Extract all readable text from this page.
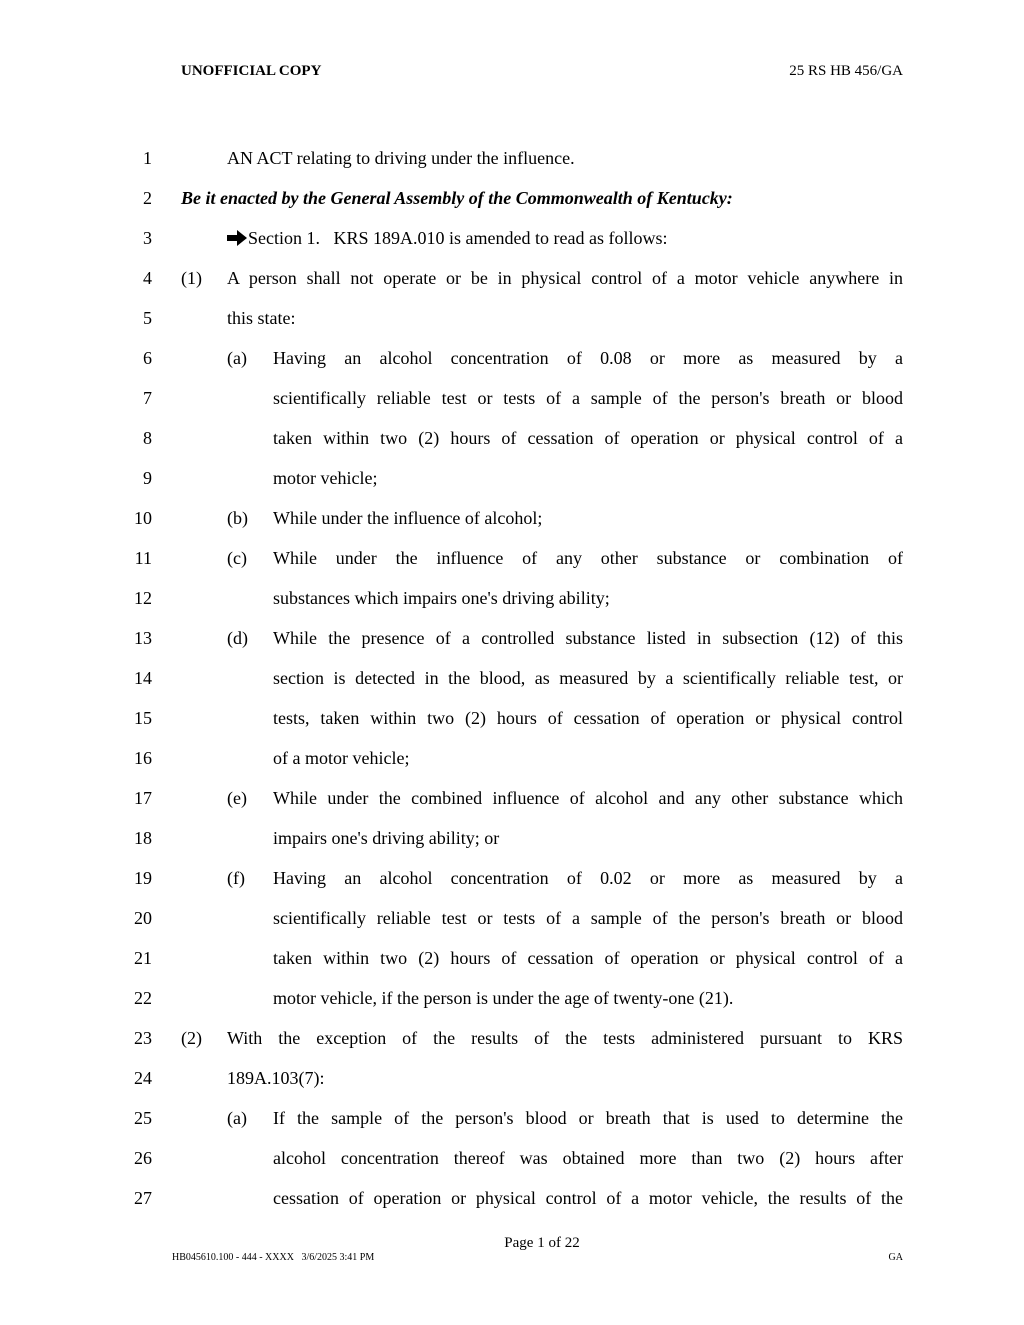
UNOFFICIAL COPY	25 RS HB 456/GA
1	AN ACT relating to driving under the influence.
2 Be it enacted by the General Assembly of the Commonwealth of Kentucky:
3	Section 1.   KRS 189A.010 is amended to read as follows:
4 (1) A person shall not operate or be in physical control of a motor vehicle anywhere in
5	this state:
6	(a) Having an alcohol concentration of 0.08 or more as measured by a
7	scientifically reliable test or tests of a sample of the person's breath or blood
8	taken within two (2) hours of cessation of operation or physical control of a
9	motor vehicle;
10	(b) While under the influence of alcohol;
11	(c) While under the influence of any other substance or combination of
12	substances which impairs one's driving ability;
13	(d) While the presence of a controlled substance listed in subsection (12) of this
14	section is detected in the blood, as measured by a scientifically reliable test, or
15	tests, taken within two (2) hours of cessation of operation or physical control
16	of a motor vehicle;
17	(e) While under the combined influence of alcohol and any other substance which
18	impairs one's driving ability; or
19	(f) Having an alcohol concentration of 0.02 or more as measured by a
20	scientifically reliable test or tests of a sample of the person's breath or blood
21	taken within two (2) hours of cessation of operation or physical control of a
22	motor vehicle, if the person is under the age of twenty-one (21).
23 (2) With the exception of the results of the tests administered pursuant to KRS
24	189A.103(7):
25	(a) If the sample of the person's blood or breath that is used to determine the
26	alcohol concentration thereof was obtained more than two (2) hours after
27	cessation of operation or physical control of a motor vehicle, the results of the
Page 1 of 22
HB045610.100 - 444 - XXXX   3/6/2025 3:41 PM	GA
